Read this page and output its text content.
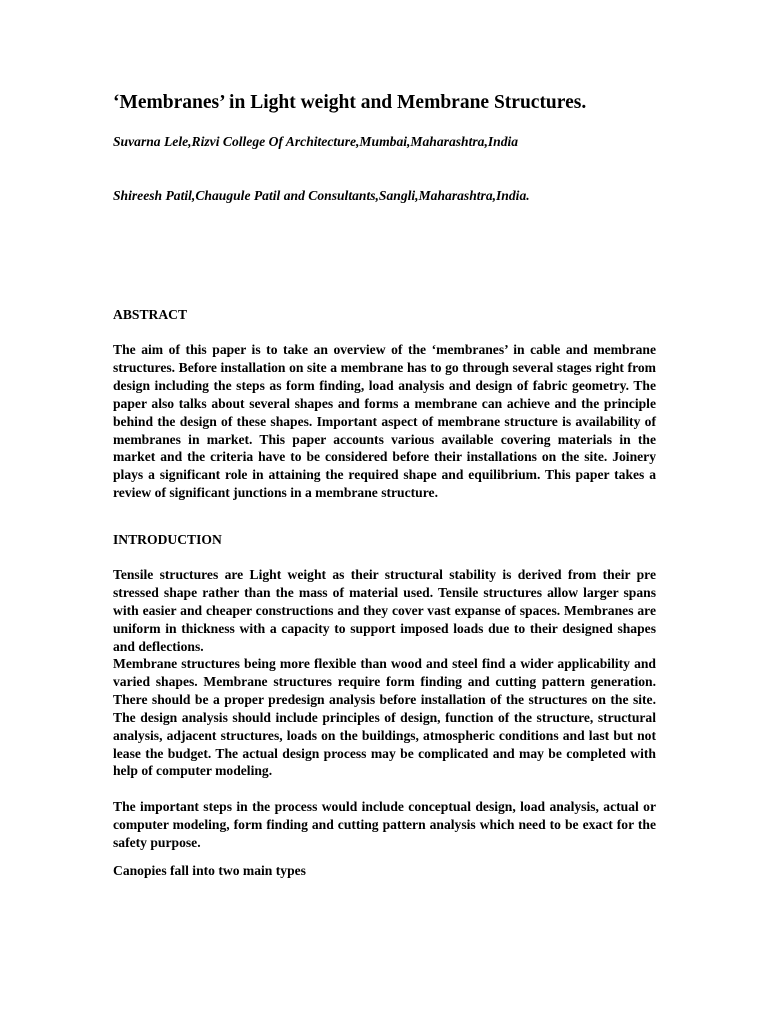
‘Membranes’ in Light weight and Membrane Structures.

Suvarna Lele,Rizvi College Of Architecture,Mumbai,Maharashtra,India

Shireesh Patil,Chaugule Patil and Consultants,Sangli,Maharashtra,India.

ABSTRACT

The aim of this paper is to take an overview of the ‘membranes’ in cable and membrane structures. Before installation on site a membrane has to go through several stages right from design including the steps as form finding, load analysis and design of fabric geometry. The paper also talks about several shapes and forms a membrane can achieve and the principle behind the design of these shapes. Important aspect of membrane structure is availability of membranes in market. This paper accounts various available covering materials in the market and the criteria have to be considered before their installations on the site. Joinery plays a significant role in attaining the required shape and equilibrium. This paper takes a review of significant junctions in a membrane structure.

INTRODUCTION

Tensile structures are Light weight as their structural stability is derived from their pre stressed shape rather than the mass of material used. Tensile structures allow larger spans with easier and cheaper constructions and they cover vast expanse of spaces. Membranes are uniform in thickness with a capacity to support imposed loads due to their designed shapes and deflections.

Membrane structures being more flexible than wood and steel find a wider applicability and varied shapes. Membrane structures require form finding and cutting pattern generation. There should be a proper predesign analysis before installation of the structures on the site. The design analysis should include principles of design, function of the structure, structural analysis, adjacent structures, loads on the buildings, atmospheric conditions and last but not lease the budget. The actual design process may be complicated and may be completed with help of computer modeling.

The important steps in the process would include conceptual design, load analysis, actual or computer modeling, form finding and cutting pattern analysis which need to be exact for the safety purpose.

Canopies fall into two main types
